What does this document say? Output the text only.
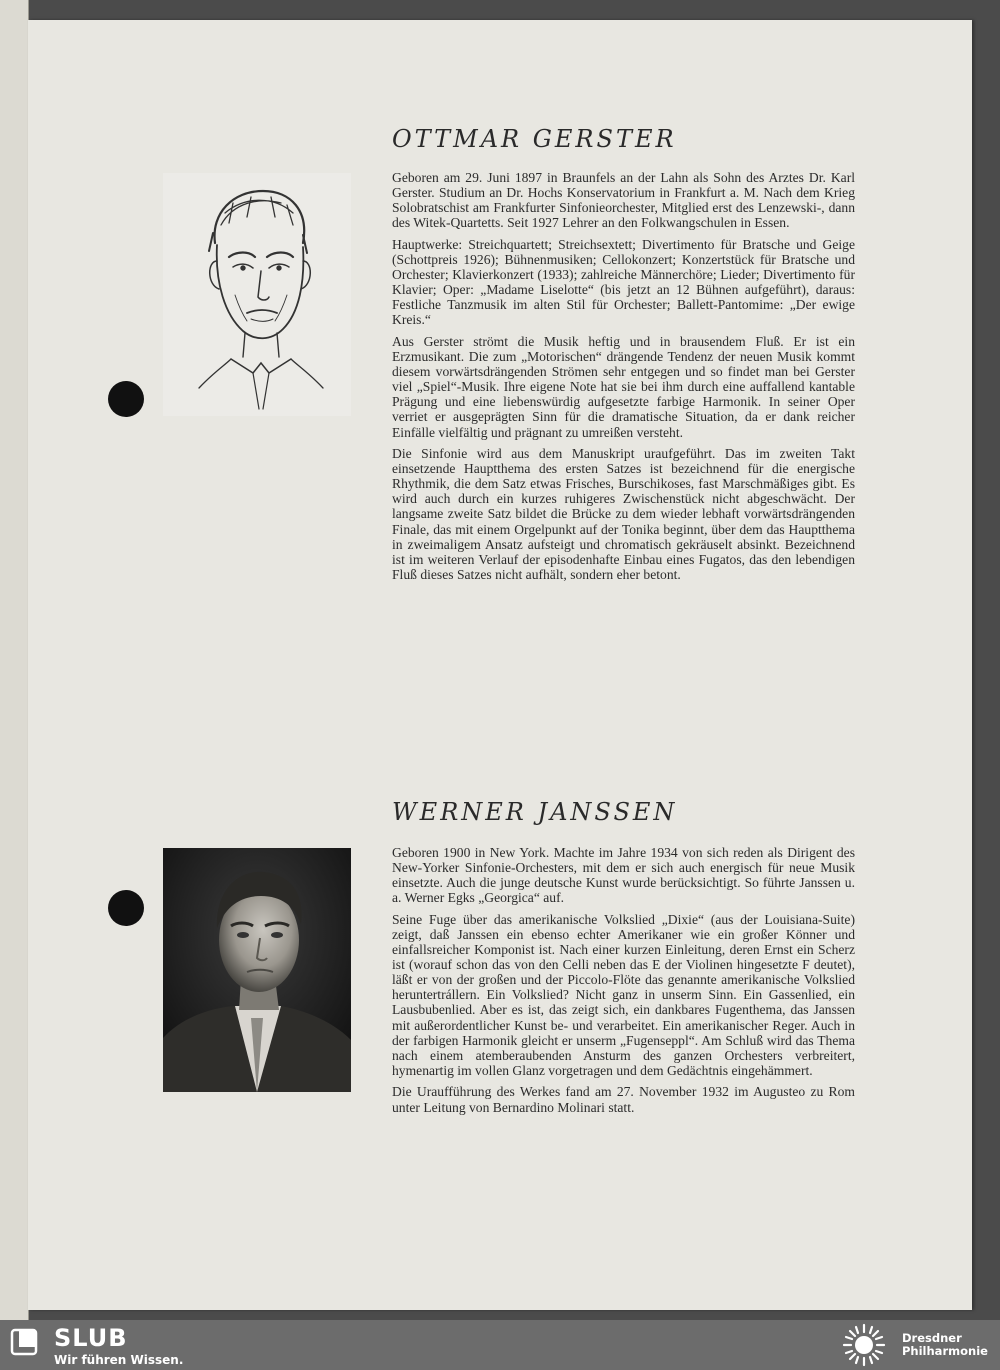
OTTMAR GERSTER

Geboren am 29. Juni 1897 in Braunfels an der Lahn als Sohn des Arztes Dr. Karl Gerster. Studium an Dr. Hochs Konservatorium in Frankfurt a. M. Nach dem Krieg Solobratschist am Frankfurter Sinfonieorchester, Mitglied erst des Lenzewski-, dann des Witek-Quartetts. Seit 1927 Lehrer an den Folkwangschulen in Essen.

Hauptwerke: Streichquartett; Streichsextett; Divertimento für Bratsche und Geige (Schottpreis 1926); Bühnenmusiken; Cellokonzert; Konzertstück für Bratsche und Orchester; Klavierkonzert (1933); zahlreiche Männerchöre; Lieder; Divertimento für Klavier; Oper: „Madame Liselotte“ (bis jetzt an 12 Bühnen aufgeführt), daraus: Festliche Tanzmusik im alten Stil für Orchester; Ballett-Pantomime: „Der ewige Kreis.“

Aus Gerster strömt die Musik heftig und in brausendem Fluß. Er ist ein Erzmusikant. Die zum „Motorischen“ drängende Tendenz der neuen Musik kommt diesem vorwärtsdrängenden Strömen sehr entgegen und so findet man bei Gerster viel „Spiel“-Musik. Ihre eigene Note hat sie bei ihm durch eine auffallend kantable Prägung und eine liebenswürdig aufgesetzte farbige Harmonik. In seiner Oper verriet er ausgeprägten Sinn für die dramatische Situation, da er dank reicher Einfälle vielfältig und prägnant zu umreißen versteht.

Die Sinfonie wird aus dem Manuskript uraufgeführt. Das im zweiten Takt einsetzende Hauptthema des ersten Satzes ist bezeichnend für die energische Rhythmik, die dem Satz etwas Frisches, Burschikoses, fast Marschmäßiges gibt. Es wird auch durch ein kurzes ruhigeres Zwischenstück nicht abgeschwächt. Der langsame zweite Satz bildet die Brücke zu dem wieder lebhaft vorwärtsdrängenden Finale, das mit einem Orgelpunkt auf der Tonika beginnt, über dem das Hauptthema in zweimaligem Ansatz aufsteigt und chromatisch gekräuselt absinkt. Bezeichnend ist im weiteren Verlauf der episodenhafte Einbau eines Fugatos, das den lebendigen Fluß dieses Satzes nicht aufhält, sondern eher betont.

WERNER JANSSEN

Geboren 1900 in New York. Machte im Jahre 1934 von sich reden als Dirigent des New-Yorker Sinfonie-Orchesters, mit dem er sich auch energisch für neue Musik einsetzte. Auch die junge deutsche Kunst wurde berücksichtigt. So führte Janssen u. a. Werner Egks „Georgica“ auf.

Seine Fuge über das amerikanische Volkslied „Dixie“ (aus der Louisiana-Suite) zeigt, daß Janssen ein ebenso echter Amerikaner wie ein großer Könner und einfallsreicher Komponist ist. Nach einer kurzen Einleitung, deren Ernst ein Scherz ist (worauf schon das von den Celli neben das E der Violinen hingesetzte F deutet), läßt er von der großen und der Piccolo-Flöte das genannte amerikanische Volkslied heruntertrállern. Ein Volkslied? Nicht ganz in unserm Sinn. Ein Gassenlied, ein Lausbubenlied. Aber es ist, das zeigt sich, ein dankbares Fugenthema, das Janssen mit außerordentlicher Kunst be- und verarbeitet. Ein amerikanischer Reger. Auch in der farbigen Harmonik gleicht er unserm „Fugenseppl“. Am Schluß wird das Thema nach einem atemberaubenden Ansturm des ganzen Orchesters verbreitert, hymenartig im vollen Glanz vorgetragen und dem Gedächtnis eingehämmert.

Die Uraufführung des Werkes fand am 27. November 1932 im Augusteo zu Rom unter Leitung von Bernardino Molinari statt.

SLUB
Wir führen Wissen.
Dresdner
Philharmonie
